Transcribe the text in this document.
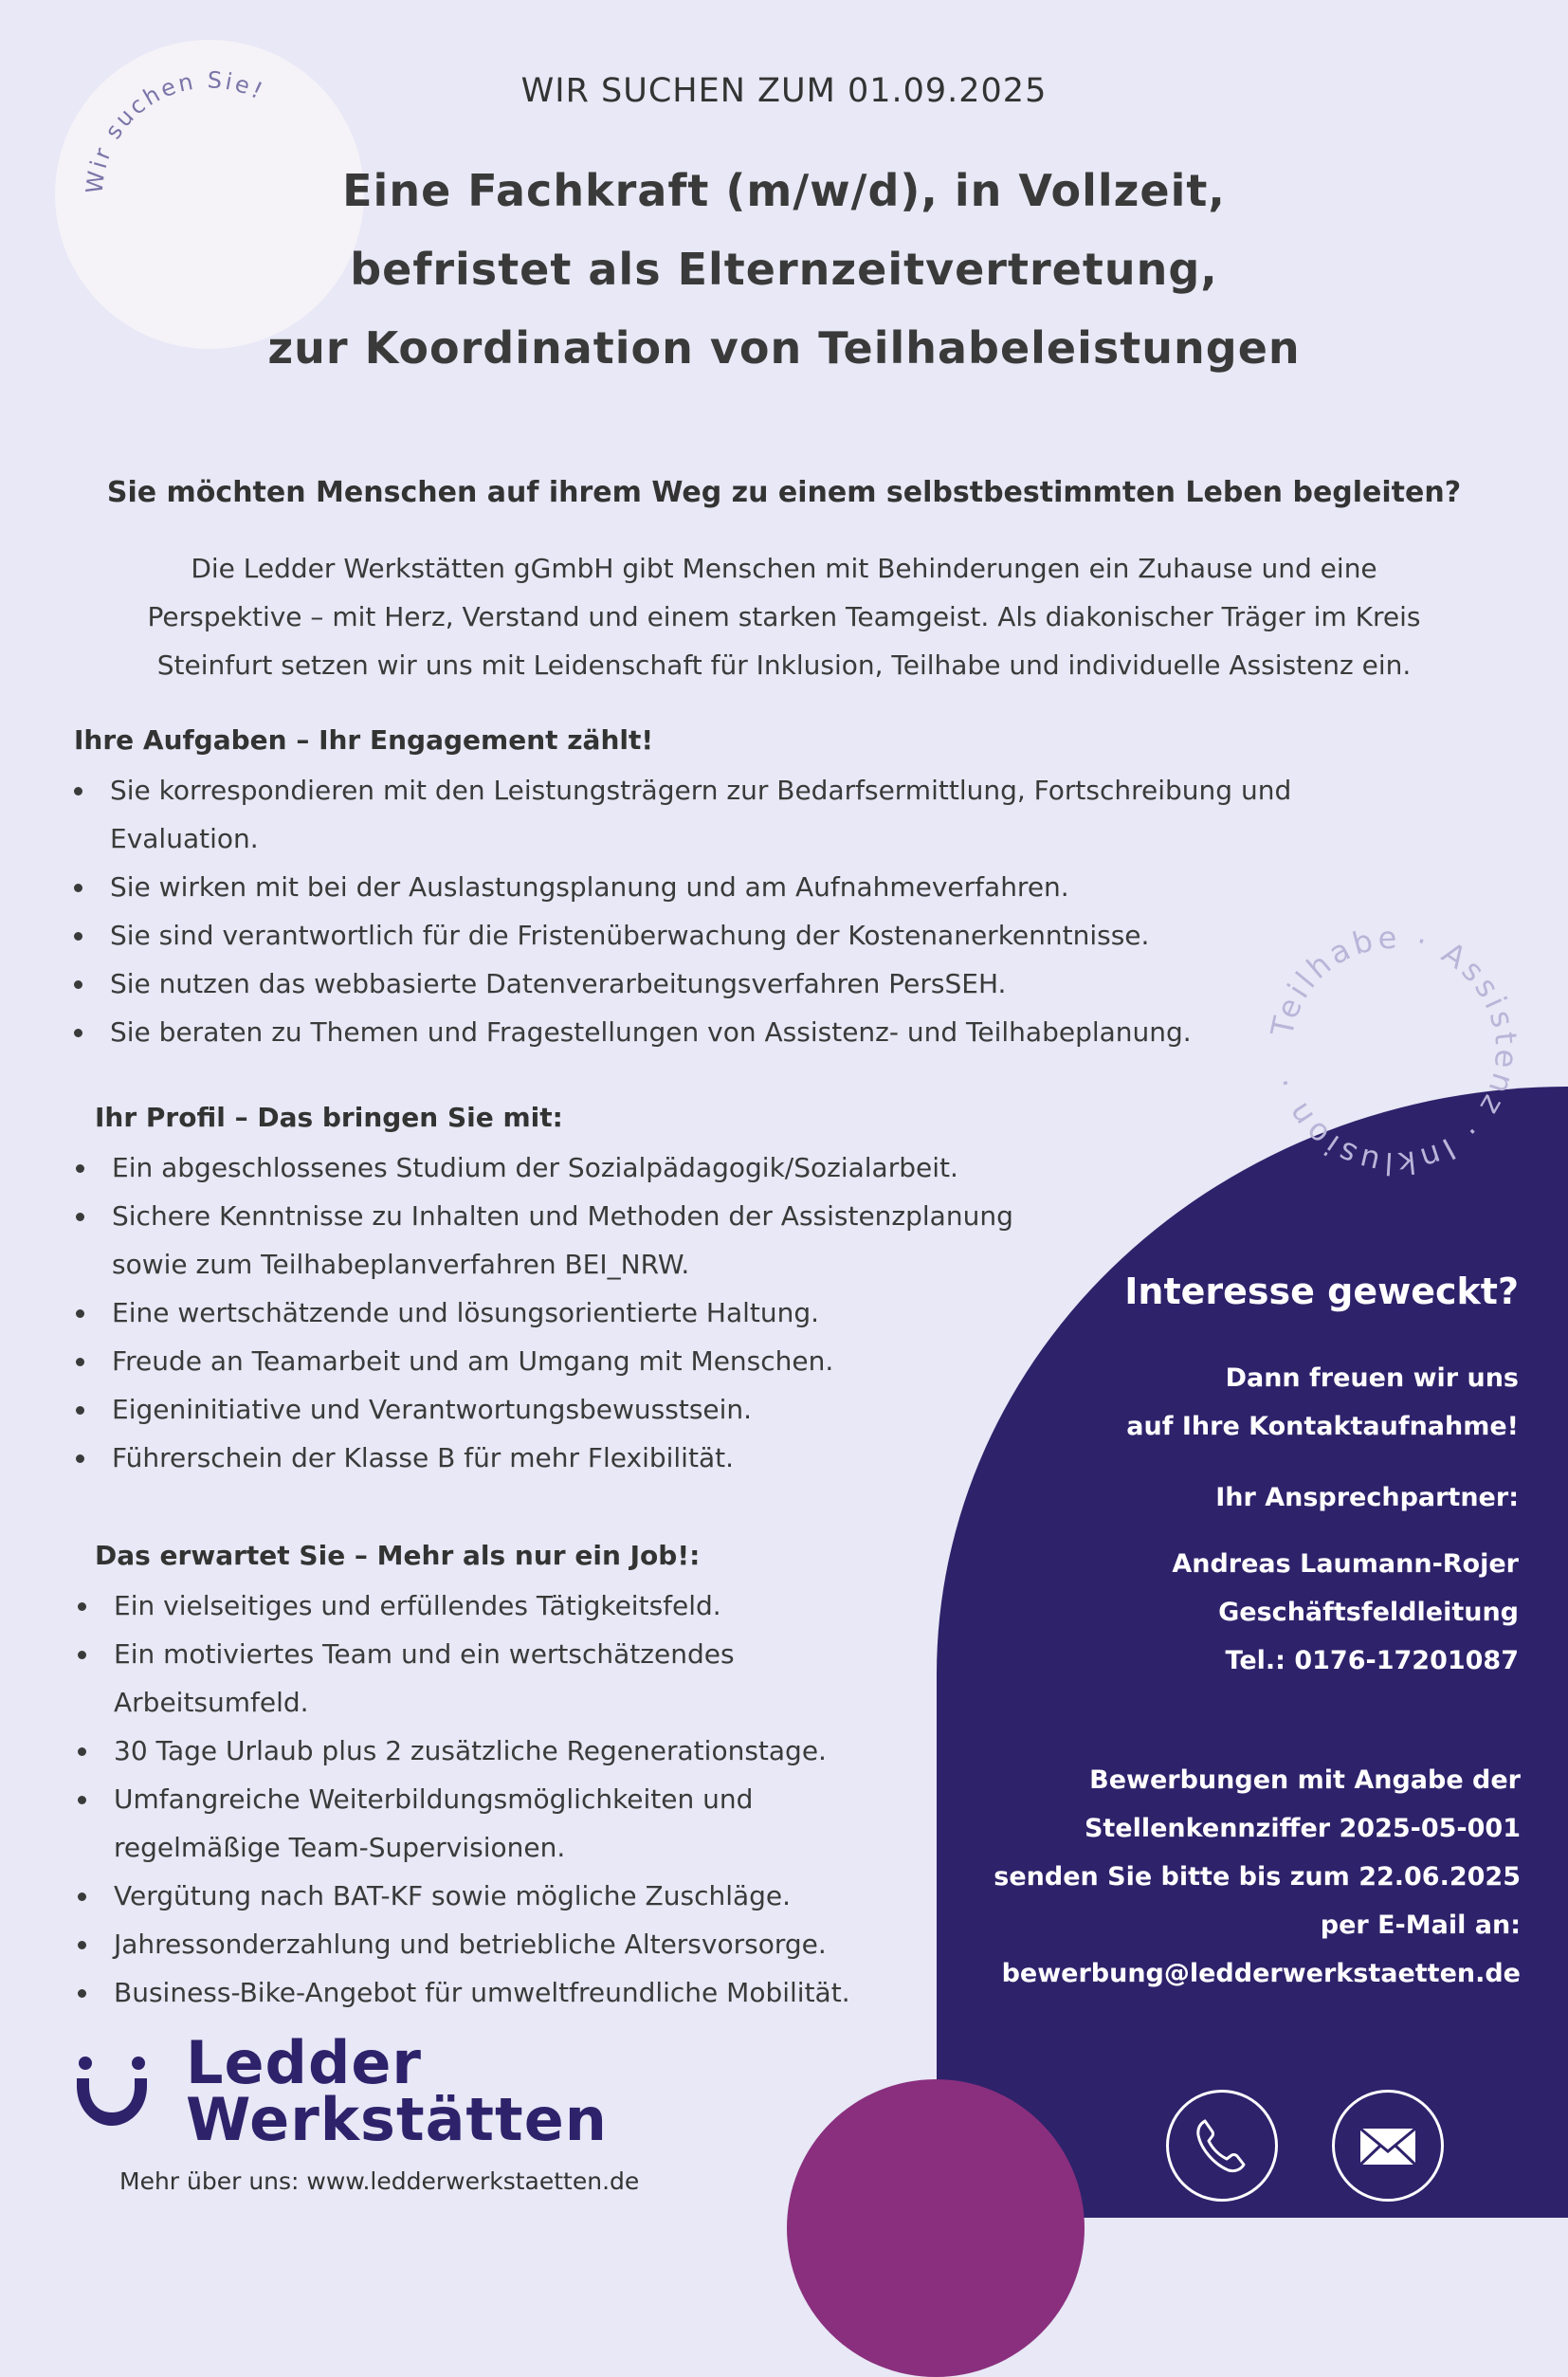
Wir suchen Sie!
Teilhabe · Assistenz · Inklusion ·
WIR SUCHEN ZUM 01.09.2025
Eine Fachkraft (m/w/d), in Vollzeit,
befristet als Elternzeitvertretung,
zur Koordination von Teilhabeleistungen
Sie möchten Menschen auf ihrem Weg zu einem selbstbestimmten Leben begleiten?
Die Ledder Werkstätten gGmbH gibt Menschen mit Behinderungen ein Zuhause und eine
Perspektive – mit Herz, Verstand und einem starken Teamgeist. Als diakonischer Träger im Kreis
Steinfurt setzen wir uns mit Leidenschaft für Inklusion, Teilhabe und individuelle Assistenz ein.
Ihre Aufgaben – Ihr Engagement zählt!
Sie korrespondieren mit den Leistungsträgern zur Bedarfsermittlung, Fortschreibung und
Evaluation.
Sie wirken mit bei der Auslastungsplanung und am Aufnahmeverfahren.
Sie sind verantwortlich für die Fristenüberwachung der Kostenanerkenntnisse.
Sie nutzen das webbasierte Datenverarbeitungsverfahren PersSEH.
Sie beraten zu Themen und Fragestellungen von Assistenz- und Teilhabeplanung.
Ihr Profil – Das bringen Sie mit:
Ein abgeschlossenes Studium der Sozialpädagogik/Sozialarbeit.
Sichere Kenntnisse zu Inhalten und Methoden der Assistenzplanung
sowie zum Teilhabeplanverfahren BEI_NRW.
Eine wertschätzende und lösungsorientierte Haltung.
Freude an Teamarbeit und am Umgang mit Menschen.
Eigeninitiative und Verantwortungsbewusstsein.
Führerschein der Klasse B für mehr Flexibilität.
Das erwartet Sie – Mehr als nur ein Job!:
Ein vielseitiges und erfüllendes Tätigkeitsfeld.
Ein motiviertes Team und ein wertschätzendes
Arbeitsumfeld.
30 Tage Urlaub plus 2 zusätzliche Regenerationstage.
Umfangreiche Weiterbildungsmöglichkeiten und
regelmäßige Team-Supervisionen.
Vergütung nach BAT-KF sowie mögliche Zuschläge.
Jahressonderzahlung und betriebliche Altersvorsorge.
Business-Bike-Angebot für umweltfreundliche Mobilität.
Interesse geweckt?
Dann freuen wir uns
auf Ihre Kontaktaufnahme!
Ihr Ansprechpartner:
Andreas Laumann-Rojer
Geschäftsfeldleitung
Tel.: 0176-17201087
Bewerbungen mit Angabe der
Stellenkennziffer 2025-05-001
senden Sie bitte bis zum 22.06.2025
per E-Mail an:
bewerbung@ledderwerkstaetten.de
Ledder
Werkstätten
Mehr über uns: www.ledderwerkstaetten.de
